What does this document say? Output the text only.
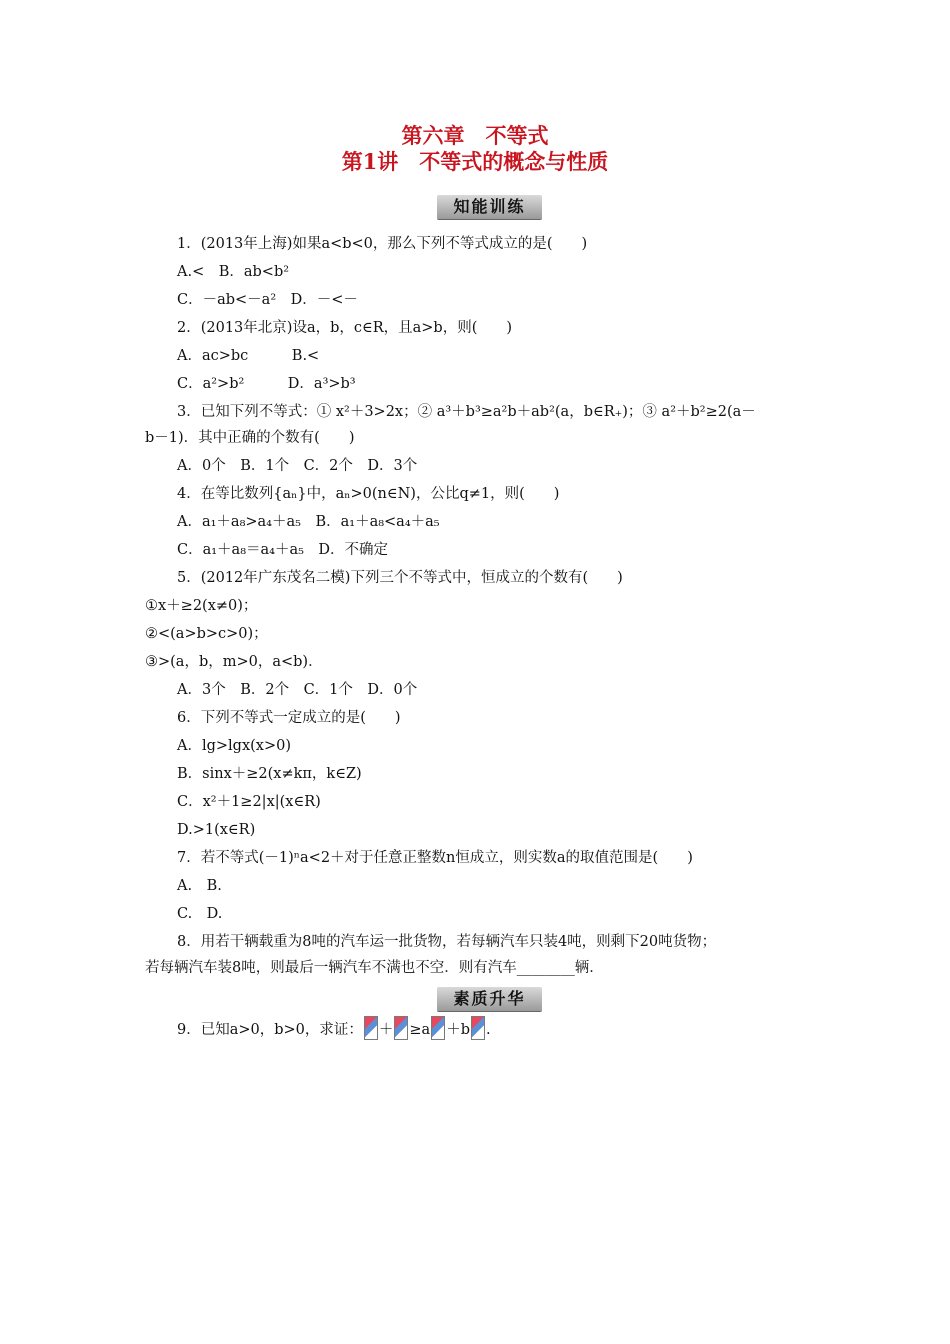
第六章　不等式
第1讲　不等式的概念与性质
知能训练
1．(2013年上海)如果a<b<0，那么下列不等式成立的是(　　)
A.<　B．ab<b²
C．－ab<－a²　D．－<－
2．(2013年北京)设a，b，c∈R，且a>b，则(　　)
A．ac>bc　　　B.<
C．a²>b²　　　D．a³>b³
3．已知下列不等式：① x²＋3>2x；② a³＋b³≥a²b＋ab²(a，b∈R₊)；③ a²＋b²≥2(a－
b－1)．其中正确的个数有(　　)
A．0个　B．1个　C．2个　D．3个
4．在等比数列{aₙ}中，aₙ>0(n∈N)，公比q≠1，则(　　)
A．a₁＋a₈>a₄＋a₅　B．a₁＋a₈<a₄＋a₅
C．a₁＋a₈＝a₄＋a₅　D．不确定
5．(2012年广东茂名二模)下列三个不等式中，恒成立的个数有(　　)
①x＋≥2(x≠0)；
②<(a>b>c>0)；
③>(a，b，m>0，a<b)．
A．3个　B．2个　C．1个　D．0个
6．下列不等式一定成立的是(　　)
A．lg>lgx(x>0)
B．sinx＋≥2(x≠kπ，k∈Z)
C．x²＋1≥2|x|(x∈R)
D.>1(x∈R)
7．若不等式(－1)ⁿa<2＋对于任意正整数n恒成立，则实数a的取值范围是(　　)
A.　B.
C.　D.
8．用若干辆载重为8吨的汽车运一批货物，若每辆汽车只装4吨，则剩下20吨货物；
若每辆汽车装8吨，则最后一辆汽车不满也不空．则有汽车________辆．
素质升华
9．已知a>0，b>0，求证： ＋ ≥a ＋b .
